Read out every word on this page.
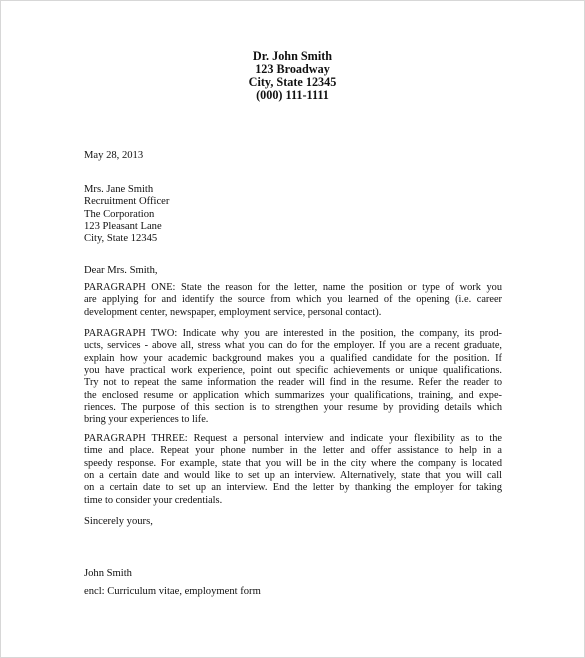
Dr. John Smith
123 Broadway
City, State 12345
(000) 111-1111
May 28, 2013
Mrs. Jane Smith
Recruitment Officer
The Corporation
123 Pleasant Lane
City, State 12345
Dear Mrs. Smith,
PARAGRAPH ONE: State the reason for the letter, name the position or type of work you
are applying for and identify the source from which you learned of the opening (i.e. career
development center, newspaper, employment service, personal contact).
PARAGRAPH TWO: Indicate why you are interested in the position, the company, its prod-
ucts, services - above all, stress what you can do for the employer. If you are a recent graduate,
explain how your academic background makes you a qualified candidate for the position. If
you have practical work experience, point out specific achievements or unique qualifications.
Try not to repeat the same information the reader will find in the resume. Refer the reader to
the enclosed resume or application which summarizes your qualifications, training, and expe-
riences. The purpose of this section is to strengthen your resume by providing details which
bring your experiences to life.
PARAGRAPH THREE: Request a personal interview and indicate your flexibility as to the
time and place. Repeat your phone number in the letter and offer assistance to help in a
speedy response. For example, state that you will be in the city where the company is located
on a certain date and would like to set up an interview. Alternatively, state that you will call
on a certain date to set up an interview. End the letter by thanking the employer for taking
time to consider your credentials.
Sincerely yours,
John Smith
encl: Curriculum vitae, employment form
